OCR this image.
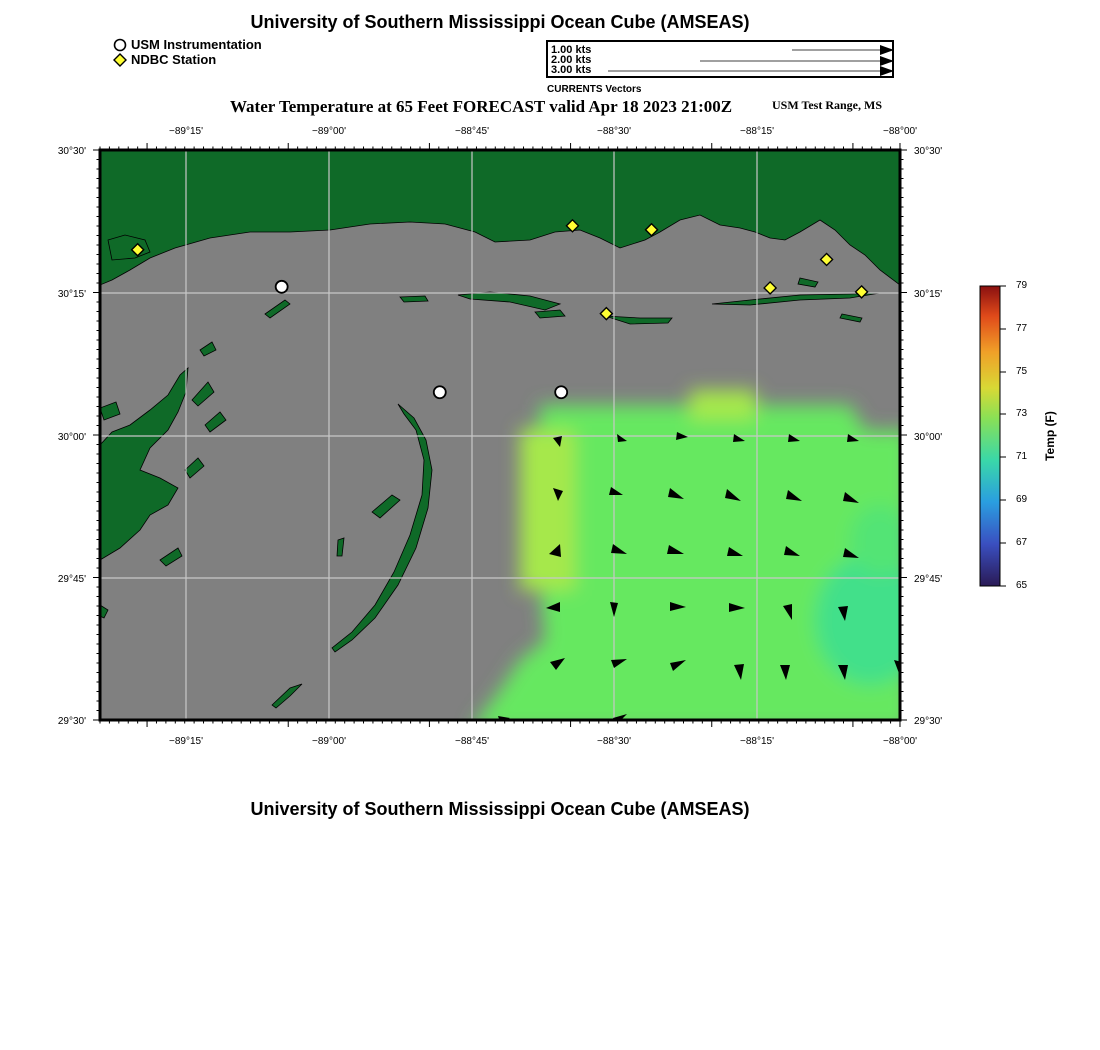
University of Southern Mississippi Ocean Cube (AMSEAS)
USM Instrumentation
NDBC Station
1.00 kts
2.00 kts
3.00 kts
CURRENTS Vectors
Water Temperature at 65 Feet FORECAST valid Apr 18 2023 21:00Z	USM Test Range, MS
−89°15'	−89°00'	−88°45'	−88°30'	−88°15'	−88°00'
−89°15'	−89°00'	−88°45'	−88°30'	−88°15'	−88°00'
30°30'
30°15'
30°00'
29°45'
29°30'
30°30'
30°15'
30°00'
29°45'
29°30'
79
77
75
73
71
69
67
65
Temp (F)
University of Southern Mississippi Ocean Cube (AMSEAS)
